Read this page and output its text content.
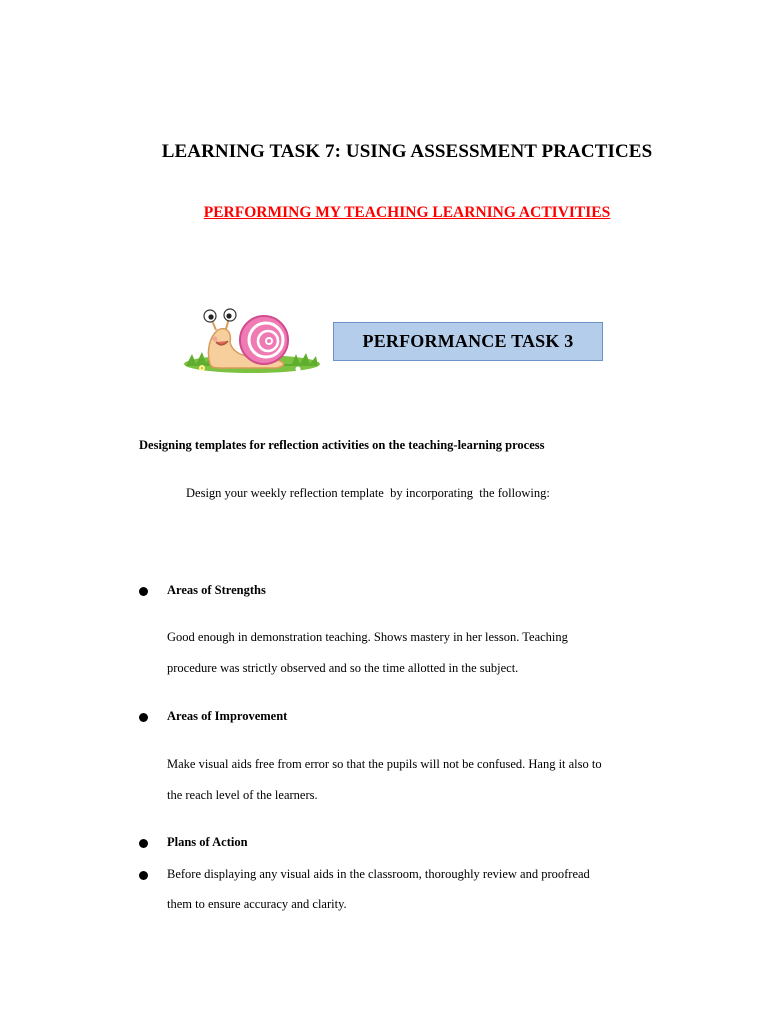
LEARNING TASK 7: USING ASSESSMENT PRACTICES
PERFORMING MY TEACHING LEARNING ACTIVITIES
PERFORMANCE TASK 3
Designing templates for reflection activities on the teaching-learning process
Design your weekly reflection template  by incorporating  the following:
Areas of Strengths
Good enough in demonstration teaching. Shows mastery in her lesson. Teaching
procedure was strictly observed and so the time allotted in the subject.
Areas of Improvement
Make visual aids free from error so that the pupils will not be confused. Hang it also to
the reach level of the learners.
Plans of Action
Before displaying any visual aids in the classroom, thoroughly review and proofread
them to ensure accuracy and clarity.
